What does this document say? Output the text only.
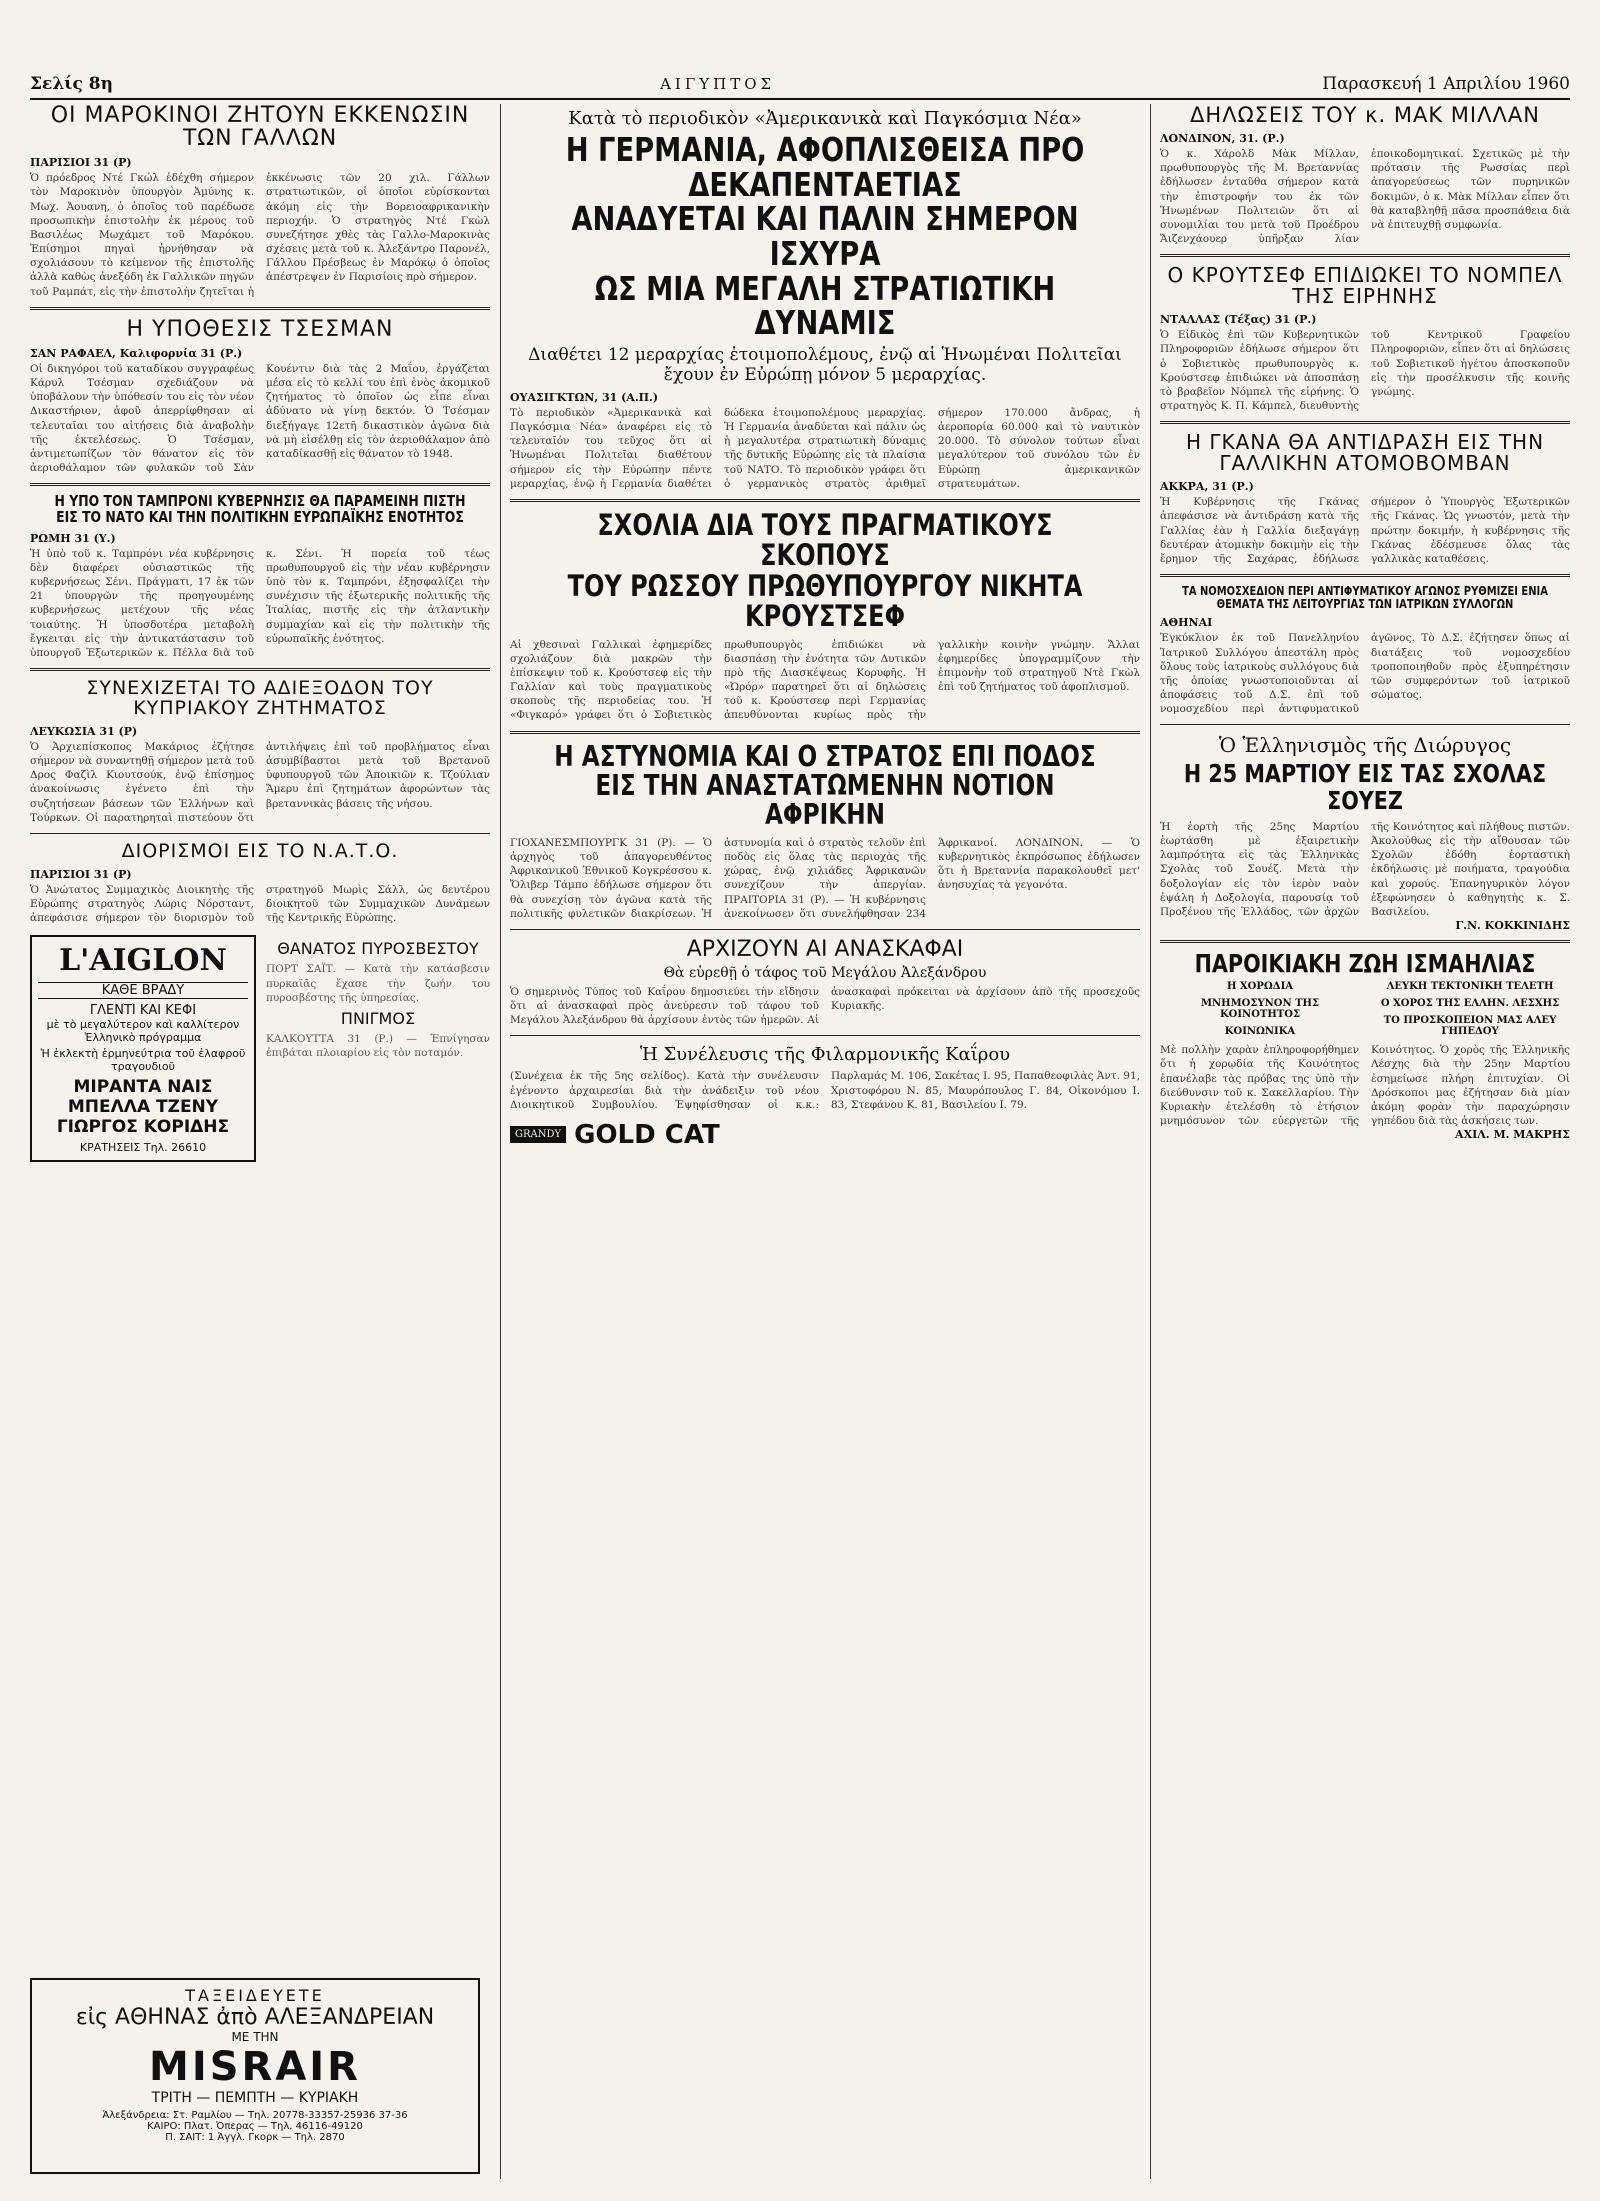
Σελίς 8η	ΑΙΓΥΠΤΟΣ	Παρασκευή 1 Απριλίου 1960
ΟΙ ΜΑΡΟΚΙΝΟΙ ΖΗΤΟΥΝ ΕΚΚΕΝΩΣΙΝ ΤΩΝ ΓΑΛΛΩΝ
ΠΑΡΙΣΙΟΙ 31 (Ρ)
Ὁ πρόεδρος Ντέ Γκώλ ἐδέχθη σήμερον τὸν Μαροκινὸν ὑπουργὸν Ἀμύνης κ. Μωχ. Ἀουανη, ὁ ὁποῖος τοῦ παρέδωσε προσωπικὴν ἐπιστολὴν ἐκ μέρους τοῦ Βασιλέως Μωχάμετ τοῦ Μαρόκου. Ἐπίσημοι πηγαὶ ἠρνήθησαν νὰ σχολιάσουν τὸ κείμενον τῆς ἐπιστολῆς ἀλλὰ καθὼς ἀνεξόδη ἐκ Γαλλικῶν πηγῶν τοῦ Ραμπάτ, εἰς τὴν ἐπιστολὴν ζητεῖται ἡ ἐκκένωσις τῶν 20 χιλ. Γάλλων στρατιωτικῶν, οἱ ὁποῖοι εὑρίσκονται ἀκόμη εἰς τὴν Βορειοαφρικανικὴν περιοχήν. Ὁ στρατηγὸς Ντέ Γκὼλ συνεζήτησε χθὲς τὰς Γαλλο-Μαροκινὰς σχέσεις μετὰ τοῦ κ. Ἀλεξάντρο Παρονέλ, Γάλλου Πρέσβεως ἐν Μαρόκῳ ὁ ὁποῖος ἀπέστρεψεν ἐν Παρισίοις πρὸ σήμερον.
Η ΥΠΟΘΕΣΙΣ ΤΣΕΣΜΑΝ
ΣΑΝ ΡΑΦΑΕΛ, Καλιφορνία 31 (Ρ.)
Οἱ δικηγόροι τοῦ καταδίκου συγγραφέως Κάρυλ Τσέσμαν σχεδιάζουν νὰ ὑποβάλουν τὴν ὑπόθεσίν του εἰς τὸν νέον Δικαστήριον, ἀφοῦ ἀπερρίφθησαν αἱ τελευταῖαι του αἰτήσεις διὰ ἀναβολὴν τῆς ἐκτελέσεως. Ὁ Τσέσμαν, ἀντιμετωπίζων τὸν θάνατον εἰς τὸν ἀεριοθάλαμον τῶν φυλακῶν τοῦ Σὰν Κουέντιν διὰ τὰς 2 Μαΐου, ἐργάζεται μέσα εἰς τὸ κελλί του ἐπὶ ἑνὸς ἀκομικοῦ ζητήματος τὸ ὁποῖον ὡς εἶπε εἶναι ἀδύνατο νὰ γίνῃ δεκτόν. Ὁ Τσέσμαν διεξήγαγε 12ετῆ δικαστικὸν ἀγῶνα διὰ νὰ μὴ εἰσέλθῃ εἰς τὸν ἀεριοθάλαμον ἀπὸ καταδίκασθῇ εἰς θάνατον τὸ 1948.
Η ΥΠΟ ΤΟΝ ΤΑΜΠΡΟΝΙ ΚΥΒΕΡΝΗΣΙΣ ΘΑ ΠΑΡΑΜΕΙΝΗ ΠΙΣΤΗ ΕΙΣ ΤΟ ΝΑΤΟ ΚΑΙ ΤΗΝ ΠΟΛΙΤΙΚΗΝ ΕΥΡΩΠΑΪΚΗΣ ΕΝΟΤΗΤΟΣ
ΡΩΜΗ 31 (Υ.)
Ἡ ὑπὸ τοῦ κ. Ταμπρόνι νέα κυβέρνησις δὲν διαφέρει οὐσιαστικῶς τῆς κυβερνήσεως Σένι. Πράγματι, 17 ἐκ τῶν 21 ὑπουργῶν τῆς προηγουμένης κυβερνήσεως μετέχουν τῆς νέας τοιαύτης. Ἡ ὑποσδοτέρα μεταβολὴ ἔγκειται εἰς τὴν ἀντικατάστασιν τοῦ ὑπουργοῦ Ἐξωτερικῶν κ. Πέλλα διὰ τοῦ κ. Σένι. Ἡ πορεία τοῦ τέως πρωθυπουργοῦ εἰς τὴν νέαν κυβέρνησιν ὑπὸ τὸν κ. Ταμπρόνι, ἐξησφαλίζει τὴν συνέχισιν τῆς ἐξωτερικῆς πολιτικῆς τῆς Ἰταλίας, πιστῆς εἰς τὴν ἀτλαντικὴν συμμαχίαν καὶ εἰς τὴν πολιτικὴν τῆς εὐρωπαϊκῆς ἑνότητος.
ΣΥΝΕΧΙΖΕΤΑΙ ΤΟ ΑΔΙΕΞΟΔΟΝ ΤΟΥ ΚΥΠΡΙΑΚΟΥ ΖΗΤΗΜΑΤΟΣ
ΛΕΥΚΩΣΙΑ 31 (Ρ)
Ὁ Ἀρχιεπίσκοπος Μακάριος ἐζήτησε σήμερον νὰ συναντηθῇ σήμερον μετὰ τοῦ Δρος Φαζὶλ Κιουτσούκ, ἐνῷ ἐπίσημος ἀνακοίνωσις ἐγένετο ἐπὶ τὴν συζητήσεων βάσεων τῶν Ἑλλήνων καὶ Τούρκων. Οἱ παρατηρηταὶ πιστεύουν ὅτι ἀντιλήψεις ἐπὶ τοῦ προβλήματος εἶναι ἀσυμβίβαστοι μετὰ τοῦ Βρετανοῦ ὑφυπουργοῦ τῶν Ἀποικιῶν κ. Τζούλιαν Ἄμερυ ἐπὶ ζητημάτων ἀφορώντων τὰς βρεταννικὰς βάσεις τῆς νήσου.
ΔΙΟΡΙΣΜΟΙ ΕΙΣ ΤΟ Ν.Α.Τ.Ο.
ΠΑΡΙΣΙΟΙ 31 (Ρ)
Ὁ Ἀνώτατος Συμμαχικὸς Διοικητὴς τῆς Εὐρώπης στρατηγὸς Λώρις Νόρσταντ, ἀπεφάσισε σήμερον τὸν διορισμὸν τοῦ στρατηγοῦ Μωρὶς Σάλλ, ὡς δευτέρου διοικητοῦ τῶν Συμμαχικῶν Δυνάμεων τῆς Κεντρικῆς Εὐρώπης.
L'AIGLON
ΚΑΘΕ ΒΡΑΔΥ
ΓΛΕΝΤΙ ΚΑΙ ΚΕΦΙ
μὲ τὸ μεγαλύτερον καὶ καλλίτερον Ἑλληνικὸ πρόγραμμα
Ἡ ἐκλεκτὴ ἑρμηνεύτρια τοῦ ἐλαφροῦ τραγουδιοῦ
ΜΙΡΑΝΤΑ ΝΑΙΣ
ΜΠΕΛΛΑ ΤΖΕΝΥ
ΓΙΩΡΓΟΣ ΚΟΡΙΔΗΣ
ΚΡΑΤΗΣΕΙΣ Τηλ. 26610
ΘΑΝΑΤΟΣ ΠΥΡΟΣΒΕΣΤΟΥ
ΠΟΡΤ ΣΑΪΤ. — Κατὰ τὴν κατάσβεσιν πυρκαϊᾶς ἔχασε τὴν ζωήν του πυροσβέστης τῆς ὑπηρεσίας.
ΠΝΙΓΜΟΣ
ΚΑΛΚΟΥΤΤΑ 31 (Ρ.) — Ἐπνίγησαν ἐπιβάται πλοιαρίου εἰς τὸν ποταμόν.
ΤΑΞΕΙΔΕΥΕΤΕ
εἰς ΑΘΗΝΑΣ ἀπὸ ΑΛΕΞΑΝΔΡΕΙΑΝ
ΜΕ ΤΗΝ
MISRAIR
ΤΡΙΤΗ — ΠΕΜΠΤΗ — ΚΥΡΙΑΚΗ
Ἀλεξάνδρεια: Στ. Ραμλίου — Τηλ. 20778-33357-25936 37-36
ΚΑΙΡΟ: Πλατ. Ὀπερας — Τηλ. 46116-49120
Π. ΣΑΙΤ: 1 Ἀγγλ. Γκορκ — Τηλ. 2870
Κατὰ τὸ περιοδικὸν «Ἀμερικανικὰ καὶ Παγκόσμια Νέα»
Η ΓΕΡΜΑΝΙΑ, ΑΦΟΠΛΙΣΘΕΙΣΑ ΠΡΟ ΔΕΚΑΠΕΝΤΑΕΤΙΑΣ
ΑΝΑΔΥΕΤΑΙ ΚΑΙ ΠΑΛΙΝ ΣΗΜΕΡΟΝ ΙΣΧΥΡΑ
ΩΣ ΜΙΑ ΜΕΓΑΛΗ ΣΤΡΑΤΙΩΤΙΚΗ ΔΥΝΑΜΙΣ
Διαθέτει 12 μεραρχίας ἑτοιμοπολέμους, ἐνῷ αἱ Ἡνωμέναι Πολιτεῖαι ἔχουν ἐν Εὐρώπῃ μόνον 5 μεραρχίας.
ΟΥΑΣΙΓΚΤΩΝ, 31 (Α.Π.)
Τὸ περιοδικὸν «Ἀμερικανικὰ καὶ Παγκόσμια Νέα» ἀναφέρει εἰς τὸ τελευταῖόν του τεῦχος ὅτι αἱ Ἡνωμέναι Πολιτεῖαι διαθέτουν σήμερον εἰς τὴν Εὐρώπην πέντε μεραρχίας, ἐνῷ ἡ Γερμανία διαθέτει δώδεκα ἑτοιμοπολέμους μεραρχίας. Ἡ Γερμανία ἀναδύεται καὶ πάλιν ὡς ἡ μεγαλυτέρα στρατιωτικὴ δύναμις τῆς δυτικῆς Εὐρώπης εἰς τὰ πλαίσια τοῦ ΝΑΤΟ. Τὸ περιοδικὸν γράφει ὅτι ὁ γερμανικὸς στρατὸς ἀριθμεῖ σήμερον 170.000 ἄνδρας, ἡ ἀεροπορία 60.000 καὶ τὸ ναυτικὸν 20.000. Τὸ σύνολον τούτων εἶναι μεγαλύτερον τοῦ συνόλου τῶν ἐν Εὐρώπῃ ἀμερικανικῶν στρατευμάτων.
ΣΧΟΛΙΑ ΔΙΑ ΤΟΥΣ ΠΡΑΓΜΑΤΙΚΟΥΣ ΣΚΟΠΟΥΣ
ΤΟΥ ΡΩΣΣΟΥ ΠΡΩΘΥΠΟΥΡΓΟΥ ΝΙΚΗΤΑ ΚΡΟΥΣΤΣΕΦ
Αἱ χθεσιναὶ Γαλλικαὶ ἐφημερίδες σχολιάζουν διὰ μακρῶν τὴν ἐπίσκεψιν τοῦ κ. Κρούστσεφ εἰς τὴν Γαλλίαν καὶ τοὺς πραγματικοὺς σκοποὺς τῆς περιοδείας του. Ἡ «Φιγκαρό» γράφει ὅτι ὁ Σοβιετικὸς πρωθυπουργὸς ἐπιδιώκει νὰ διασπάσῃ τὴν ἑνότητα τῶν Δυτικῶν πρὸ τῆς Διασκέψεως Κορυφῆς. Ἡ «Ὠρόρ» παρατηρεῖ ὅτι αἱ δηλώσεις τοῦ κ. Κρούστσεφ περὶ Γερμανίας ἀπευθύνονται κυρίως πρὸς τὴν γαλλικὴν κοινὴν γνώμην. Ἄλλαι ἐφημερίδες ὑπογραμμίζουν τὴν ἐπιμονὴν τοῦ στρατηγοῦ Ντὲ Γκὼλ ἐπὶ τοῦ ζητήματος τοῦ ἀφοπλισμοῦ.
Η ΑΣΤΥΝΟΜΙΑ ΚΑΙ Ο ΣΤΡΑΤΟΣ ΕΠΙ ΠΟΔΟΣ
ΕΙΣ ΤΗΝ ΑΝΑΣΤΑΤΩΜΕΝΗΝ ΝΟΤΙΟΝ ΑΦΡΙΚΗΝ
ΓΙΟΧΑΝΕΣΜΠΟΥΡΓΚ 31 (Ρ). — Ὁ ἀρχηγὸς τοῦ ἀπαγορευθέντος Ἀφρικανικοῦ Ἐθνικοῦ Κογκρέσσου κ. Ὄλιβερ Τάμπο ἐδήλωσε σήμερον ὅτι θὰ συνεχίσῃ τὸν ἀγῶνα κατὰ τῆς πολιτικῆς φυλετικῶν διακρίσεων. Ἡ ἀστυνομία καὶ ὁ στρατὸς τελοῦν ἐπὶ ποδὸς εἰς ὅλας τὰς περιοχὰς τῆς χώρας, ἐνῷ χιλιάδες Ἀφρικανῶν συνεχίζουν τὴν ἀπεργίαν. ΠΡΑΙΤΟΡΙΑ 31 (Ρ). — Ἡ κυβέρνησις ἀνεκοίνωσεν ὅτι συνελήφθησαν 234 Ἀφρικανοί. ΛΟΝΔΙΝΟΝ. — Ὁ κυβερνητικὸς ἐκπρόσωπος ἐδήλωσεν ὅτι ἡ Βρεταννία παρακολουθεῖ μετ' ἀνησυχίας τὰ γεγονότα.
ΑΡΧΙΖΟΥΝ ΑΙ ΑΝΑΣΚΑΦΑΙ
Θὰ εὑρεθῇ ὁ τάφος τοῦ Μεγάλου Ἀλεξάνδρου
Ὁ σημερινὸς Τύπος τοῦ Καΐρου δημοσιεύει τὴν εἴδησιν ὅτι αἱ ἀνασκαφαὶ πρὸς ἀνεύρεσιν τοῦ τάφου τοῦ Μεγάλου Ἀλεξάνδρου θὰ ἀρχίσουν ἐντὸς τῶν ἡμερῶν. Αἱ ἀνασκαφαὶ πρόκειται νὰ ἀρχίσουν ἀπὸ τῆς προσεχοῦς Κυριακῆς.
Ἡ Συνέλευσις τῆς Φιλαρμονικῆς Καΐρου
(Συνέχεια ἐκ τῆς 5ης σελίδος). Κατὰ τὴν συνέλευσιν ἐγένοντο ἀρχαιρεσίαι διὰ τὴν ἀνάδειξιν τοῦ νέου Διοικητικοῦ Συμβουλίου. Ἐψηφίσθησαν οἱ κ.κ.: Παρλαμάς Μ. 106, Σακέτας Ι. 95, Παπαθεοφιλὰς Ἀντ. 91, Χριστοφόρου Ν. 85, Μαυρόπουλος Γ. 84, Οἰκονόμου Ι. 83, Στεφάνου Κ. 81, Βασιλείου Ι. 79.
GRANDY GOLD CAT
ΔΗΛΩΣΕΙΣ ΤΟΥ κ. ΜΑΚ ΜΙΛΛΑΝ
ΛΟΝΔΙΝΟΝ, 31. (Ρ.)
Ὁ κ. Χάρολδ Μὰκ Μίλλαν, πρωθυπουργὸς τῆς Μ. Βρεταννίας ἐδήλωσεν ἐνταῦθα σήμερον κατὰ τὴν ἐπιστροφήν του ἐκ τῶν Ἡνωμένων Πολιτειῶν ὅτι αἱ συνομιλίαι του μετὰ τοῦ Προέδρου Ἄιζενχάουερ ὑπῆρξαν λίαν ἐποικοδομητικαί. Σχετικῶς μὲ τὴν πρότασιν τῆς Ρωσσίας περὶ ἀπαγορεύσεως τῶν πυρηνικῶν δοκιμῶν, ὁ κ. Μὰκ Μίλλαν εἶπεν ὅτι θὰ καταβληθῇ πᾶσα προσπάθεια διὰ νὰ ἐπιτευχθῇ συμφωνία.
Ο ΚΡΟΥΤΣΕΦ ΕΠΙΔΙΩΚΕΙ ΤΟ ΝΟΜΠΕΛ ΤΗΣ ΕΙΡΗΝΗΣ
ΝΤΑΛΛΑΣ (Τέξας) 31 (Ρ.)
Ὁ Εἰδικὸς ἐπὶ τῶν Κυβερνητικῶν Πληροφοριῶν ἐδήλωσε σήμερον ὅτι ὁ Σοβιετικὸς πρωθυπουργὸς κ. Κρούστσεφ ἐπιδιώκει νὰ ἀποσπάσῃ τὸ βραβεῖον Νόμπελ τῆς εἰρήνης. Ὁ στρατηγὸς Κ. Π. Κάμπελ, διευθυντὴς τοῦ Κεντρικοῦ Γραφείου Πληροφοριῶν, εἶπεν ὅτι αἱ δηλώσεις τοῦ Σοβιετικοῦ ἡγέτου ἀποσκοποῦν εἰς τὴν προσέλκυσιν τῆς κοινῆς γνώμης.
Η ΓΚΑΝΑ ΘΑ ΑΝΤΙΔΡΑΣΗ ΕΙΣ ΤΗΝ ΓΑΛΛΙΚΗΝ ΑΤΟΜΟΒΟΜΒΑΝ
ΑΚΚΡΑ, 31 (Ρ.)
Ἡ Κυβέρνησις τῆς Γκάνας ἀπεφάσισε νὰ ἀντιδράσῃ κατὰ τῆς Γαλλίας ἐὰν ἡ Γαλλία διεξαγάγῃ δευτέραν ἀτομικὴν δοκιμὴν εἰς τὴν ἔρημον τῆς Σαχάρας, ἐδήλωσε σήμερον ὁ Ὑπουργὸς Ἐξωτερικῶν τῆς Γκάνας. Ὡς γνωστόν, μετὰ τὴν πρώτην δοκιμήν, ἡ κυβέρνησις τῆς Γκάνας ἐδέσμευσε ὅλας τὰς γαλλικὰς καταθέσεις.
ΤΑ ΝΟΜΟΣΧΕΔΙΟΝ ΠΕΡΙ ΑΝΤΙΦΥΜΑΤΙΚΟΥ ΑΓΩΝΟΣ ΡΥΘΜΙΖΕΙ ΕΝΙΑ ΘΕΜΑΤΑ ΤΗΣ ΛΕΙΤΟΥΡΓΙΑΣ ΤΩΝ ΙΑΤΡΙΚΩΝ ΣΥΛΛΟΓΩΝ
ΑΘΗΝΑΙ
Ἐγκύκλιον ἐκ τοῦ Πανελληνίου Ἰατρικοῦ Συλλόγου ἀπεστάλη πρὸς ὅλους τοὺς ἰατρικοὺς συλλόγους διὰ τῆς ὁποίας γνωστοποιοῦνται αἱ ἀποφάσεις τοῦ Δ.Σ. ἐπὶ τοῦ νομοσχεδίου περὶ ἀντιφυματικοῦ ἀγῶνος. Τὸ Δ.Σ. ἐζήτησεν ὅπως αἱ διατάξεις τοῦ νομοσχεδίου τροποποιηθοῦν πρὸς ἐξυπηρέτησιν τῶν συμφερόντων τοῦ ἰατρικοῦ σώματος.
Ὁ Ἑλληνισμὸς τῆς Διώρυγος
Η 25 ΜΑΡΤΙΟΥ ΕΙΣ ΤΑΣ ΣΧΟΛΑΣ ΣΟΥΕΖ
Ἡ ἐορτὴ τῆς 25ης Μαρτίου ἑωρτάσθη μὲ ἐξαιρετικὴν λαμπρότητα εἰς τὰς Ἑλληνικὰς Σχολὰς τοῦ Σουέζ. Μετὰ τὴν δοξολογίαν εἰς τὸν ἱερὸν ναὸν ἐψάλη ἡ Δοξολογία, παρουσίᾳ τοῦ Προξένου τῆς Ἑλλάδος, τῶν ἀρχῶν τῆς Κοινότητος καὶ πλήθους πιστῶν. Ἀκολούθως εἰς τὴν αἴθουσαν τῶν Σχολῶν ἐδόθη ἑορταστικὴ ἐκδήλωσις μὲ ποιήματα, τραγούδια καὶ χορούς. Ἐπανηγυρικὸν λόγον ἐξεφώνησεν ὁ καθηγητὴς κ. Σ. Βασιλείου.
Γ.Ν. ΚΟΚΚΙΝΙΔΗΣ
ΠΑΡΟΙΚΙΑΚΗ ΖΩΗ ΙΣΜΑΗΛΙΑΣ
Η ΧΟΡΩΔΙΑ
ΜΝΗΜΟΣΥΝΟΝ ΤΗΣ ΚΟΙΝΟΤΗΤΟΣ
ΚΟΙΝΩΝΙΚΑ
ΛΕΥΚΗ ΤΕΚΤΟΝΙΚΗ ΤΕΛΕΤΗ
Ο ΧΟΡΟΣ ΤΗΣ ΕΛΛΗΝ. ΛΕΣΧΗΣ
ΤΟ ΠΡΟΣΚΟΠΕΙΟΝ ΜΑΣ ΑΛΕΥ ΓΗΠΕΔΟΥ
Μὲ πολλὴν χαρὰν ἐπληροφορήθημεν ὅτι ἡ χορῳδία τῆς Κοινότητος ἐπανέλαβε τὰς πρόβας της ὑπὸ τὴν διεύθυνσιν τοῦ κ. Σακελλαρίου. Τὴν Κυριακὴν ἐτελέσθη τὸ ἐτήσιον μνημόσυνον τῶν εὐεργετῶν τῆς Κοινότητος. Ὁ χορὸς τῆς Ἑλληνικῆς Λέσχης διὰ τὴν 25ην Μαρτίου ἐσημείωσε πλήρη ἐπιτυχίαν. Οἱ Δρόσκοποι μας ἐζήτησαν διὰ μίαν ἀκόμη φορὰν τὴν παραχώρησιν γηπέδου διὰ τὰς ἀσκήσεις των.
ΑΧΙΛ. Μ. ΜΑΚΡΗΣ
